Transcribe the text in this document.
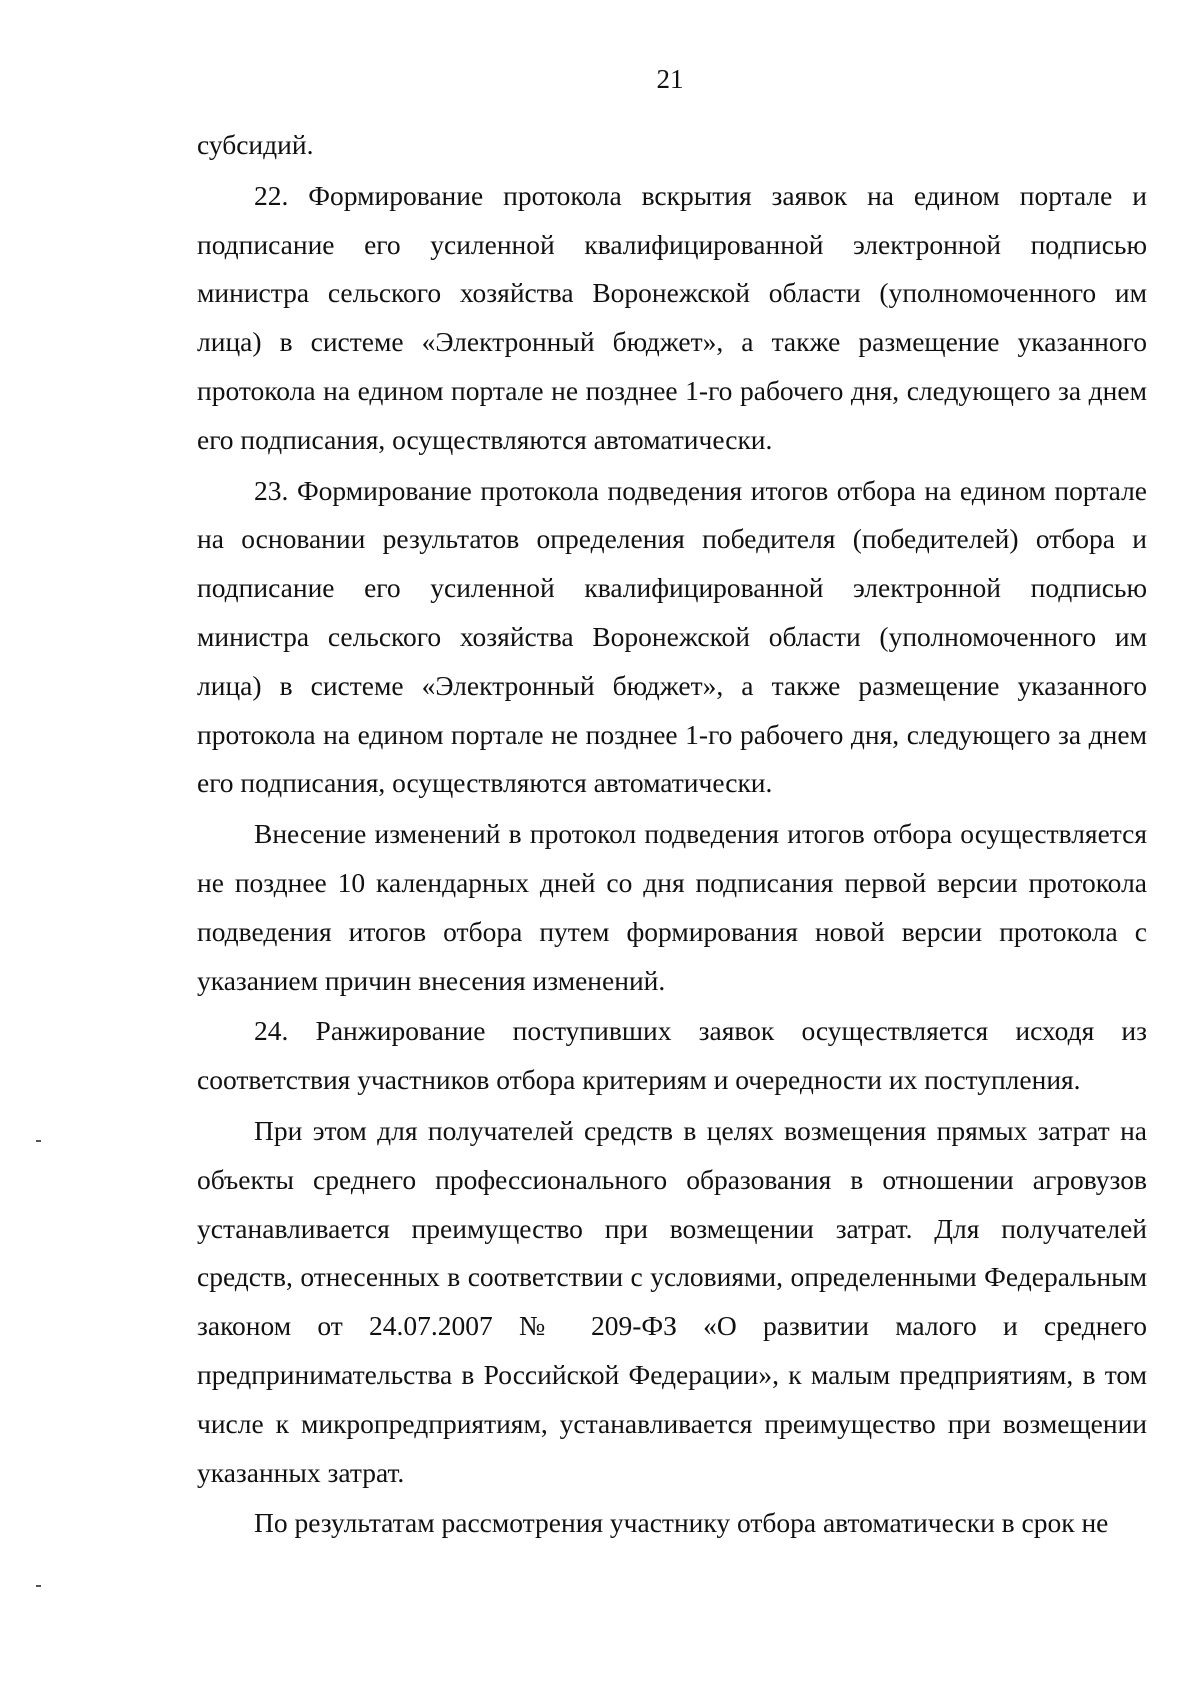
21

субсидий.

22. Формирование протокола вскрытия заявок на едином портале и подписание его усиленной квалифицированной электронной подписью министра сельского хозяйства Воронежской области (уполномоченного им лица) в системе «Электронный бюджет», а также размещение указанного протокола на едином портале не позднее 1-го рабочего дня, следующего за днем его подписания, осуществляются автоматически.

23. Формирование протокола подведения итогов отбора на едином портале на основании результатов определения победителя (победителей) отбора и подписание его усиленной квалифицированной электронной подписью министра сельского хозяйства Воронежской области (уполномоченного им лица) в системе «Электронный бюджет», а также размещение указанного протокола на едином портале не позднее 1-го рабочего дня, следующего за днем его подписания, осуществляются автоматически.

Внесение изменений в протокол подведения итогов отбора осуществляется не позднее 10 календарных дней со дня подписания первой версии протокола подведения итогов отбора путем формирования новой версии протокола с указанием причин внесения изменений.

24. Ранжирование поступивших заявок осуществляется исходя из соответствия участников отбора критериям и очередности их поступления.

При этом для получателей средств в целях возмещения прямых затрат на объекты среднего профессионального образования в отношении агровузов устанавливается преимущество при возмещении затрат. Для получателей средств, отнесенных в соответствии с условиями, определенными Федеральным законом от 24.07.2007 № 209-ФЗ «О развитии малого и среднего предпринимательства в Российской Федерации», к малым предприятиям, в том числе к микропредприятиям, устанавливается преимущество при возмещении указанных затрат.

По результатам рассмотрения участнику отбора автоматически в срок не
